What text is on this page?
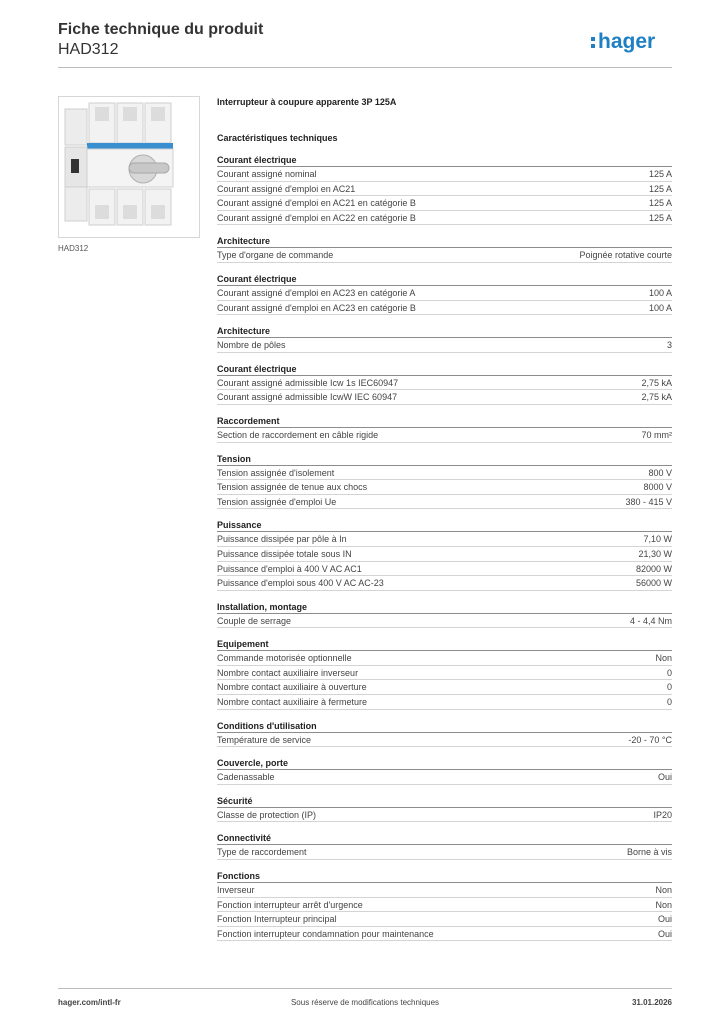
Fiche technique du produit
HAD312	hager
HAD312
Interrupteur à coupure apparente 3P 125A
Caractéristiques techniques
Courant électrique
Courant assigné nominal	125 A
Courant assigné d'emploi en AC21	125 A
Courant assigné d'emploi en AC21 en catégorie B	125 A
Courant assigné d'emploi en AC22 en catégorie B	125 A
Architecture
Type d'organe de commande	Poignée rotative courte
Courant électrique
Courant assigné d'emploi en AC23 en catégorie A	100 A
Courant assigné d'emploi en AC23 en catégorie B	100 A
Architecture
Nombre de pôles	3
Courant électrique
Courant assigné admissible Icw 1s IEC60947	2,75 kA
Courant assigné admissible IcwW IEC 60947	2,75 kA
Raccordement
Section de raccordement en câble rigide	70 mm²
Tension
Tension assignée d'isolement	800 V
Tension assignée de tenue aux chocs	8000 V
Tension assignée d'emploi Ue	380 - 415 V
Puissance
Puissance dissipée par pôle à In	7,10 W
Puissance dissipée totale sous IN	21,30 W
Puissance d'emploi à 400 V AC AC1	82000 W
Puissance d'emploi sous 400 V AC AC-23	56000 W
Installation, montage
Couple de serrage	4 - 4,4 Nm
Equipement
Commande motorisée optionnelle	Non
Nombre contact auxiliaire inverseur	0
Nombre contact auxiliaire à ouverture	0
Nombre contact auxiliaire à fermeture	0
Conditions d'utilisation
Température de service	-20 - 70 °C
Couvercle, porte
Cadenassable	Oui
Sécurité
Classe de protection (IP)	IP20
Connectivité
Type de raccordement	Borne à vis
Fonctions
Inverseur	Non
Fonction interrupteur arrêt d'urgence	Non
Fonction Interrupteur principal	Oui
Fonction interrupteur condamnation pour maintenance	Oui
hager.com/intl-fr	Sous réserve de modifications techniques	31.01.2026
